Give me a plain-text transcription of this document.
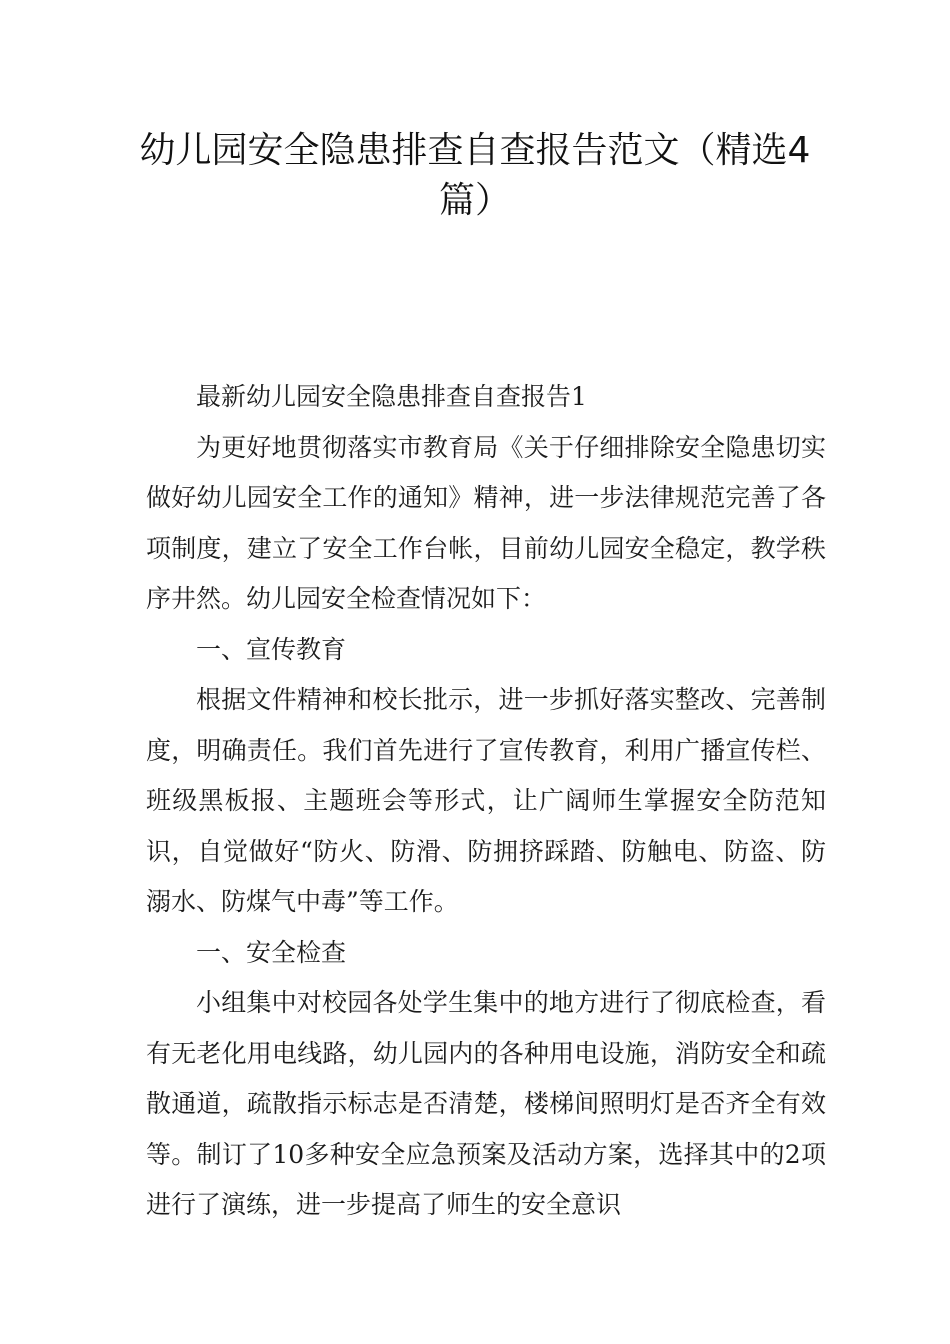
幼儿园安全隐患排查自查报告范文（精选4篇）

最新幼儿园安全隐患排查自查报告1

为更好地贯彻落实市教育局《关于仔细排除安全隐患切实做好幼儿园安全工作的通知》精神，进一步法律规范完善了各项制度，建立了安全工作台帐，目前幼儿园安全稳定，教学秩序井然。幼儿园安全检查情况如下：

一、宣传教育

根据文件精神和校长批示，进一步抓好落实整改、完善制度，明确责任。我们首先进行了宣传教育，利用广播宣传栏、班级黑板报、主题班会等形式，让广阔师生掌握安全防范知识，自觉做好“防火、防滑、防拥挤踩踏、防触电、防盗、防溺水、防煤气中毒”等工作。

一、安全检查

小组集中对校园各处学生集中的地方进行了彻底检查，看有无老化用电线路，幼儿园内的各种用电设施，消防安全和疏散通道，疏散指示标志是否清楚，楼梯间照明灯是否齐全有效等。制订了10多种安全应急预案及活动方案，选择其中的2项进行了演练，进一步提高了师生的安全意识
